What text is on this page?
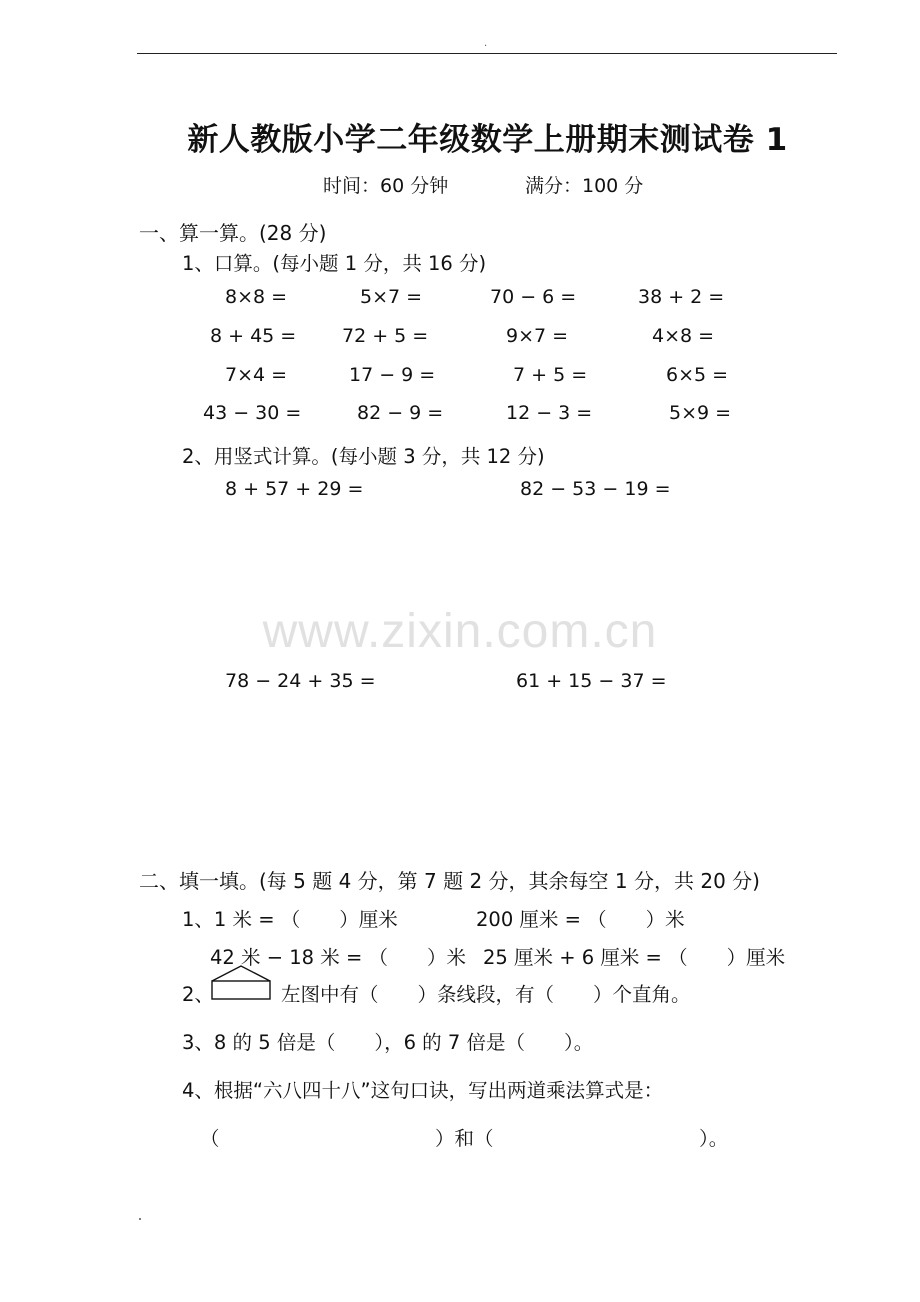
.
新人教版小学二年级数学上册期末测试卷 1
时间：60 分钟	满分：100 分
一、算一算。(28 分)
1、口算。(每小题 1 分，共 16 分)
8×8 =	5×7 =	70 − 6 =	38 + 2 =
8 + 45 = 72 + 5 =	9×7 =	4×8 =
7×4 =	17 − 9 =	7 + 5 =	6×5 =
43 − 30 =	82 − 9 =	12 − 3 =	5×9 =
2、用竖式计算。(每小题 3 分，共 12 分)
8 + 57 + 29 =	82 − 53 − 19 =
78 − 24 + 35 =	61 + 15 − 37 =
www.zixin.com.cn
二、填一填。(每 5 题 4 分，第 7 题 2 分，其余每空 1 分，共 20 分)
1、1 米 = （　　）厘米	200 厘米 = （　　）米
42 米 − 18 米 = （　　）米 25 厘米 + 6 厘米 = （　　）厘米
2、	左图中有（　　）条线段，有（　　）个直角。
3、8 的 5 倍是（　　），6 的 7 倍是（　　）。
4、根据“六八四十八”这句口诀，写出两道乘法算式是：
（	）和（	）。
